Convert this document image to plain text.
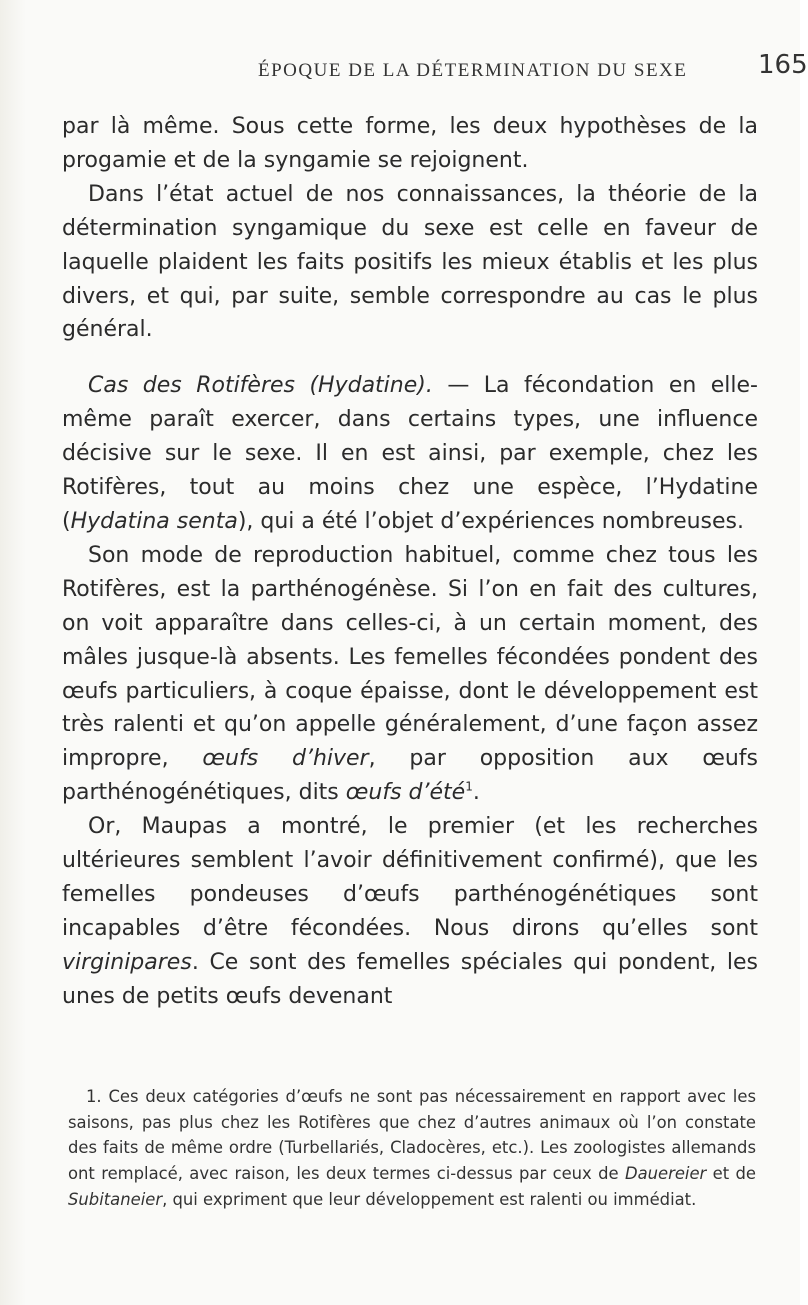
ÉPOQUE DE LA DÉTERMINATION DU SEXE	165

par là même. Sous cette forme, les deux hypothèses de la progamie et de la syngamie se rejoignent.

Dans l’état actuel de nos connaissances, la théorie de la détermination syngamique du sexe est celle en faveur de laquelle plaident les faits positifs les mieux établis et les plus divers, et qui, par suite, semble correspondre au cas le plus général.

Cas des Rotifères (Hydatine). — La fécondation en elle-même paraît exercer, dans certains types, une influence décisive sur le sexe. Il en est ainsi, par exemple, chez les Rotifères, tout au moins chez une espèce, l’Hydatine (Hydatina senta), qui a été l’objet d’expériences nombreuses.

Son mode de reproduction habituel, comme chez tous les Rotifères, est la parthénogénèse. Si l’on en fait des cultures, on voit apparaître dans celles-ci, à un certain moment, des mâles jusque-là absents. Les femelles fécondées pondent des œufs particuliers, à coque épaisse, dont le développement est très ralenti et qu’on appelle généralement, d’une façon assez impropre, œufs d’hiver, par opposition aux œufs parthénogénétiques, dits œufs d’été$^1$.

Or, Maupas a montré, le premier (et les recherches ultérieures semblent l’avoir définitivement confirmé), que les femelles pondeuses d’œufs parthénogénétiques sont incapables d’être fécondées. Nous dirons qu’elles sont virginipares. Ce sont des femelles spéciales qui pondent, les unes de petits œufs devenant

1. Ces deux catégories d’œufs ne sont pas nécessairement en rapport avec les saisons, pas plus chez les Rotifères que chez d’autres animaux où l’on constate des faits de même ordre (Turbellariés, Cladocères, etc.). Les zoologistes allemands ont remplacé, avec raison, les deux termes ci-dessus par ceux de Dauereier et de Subitaneier, qui expriment que leur développement est ralenti ou immédiat.
